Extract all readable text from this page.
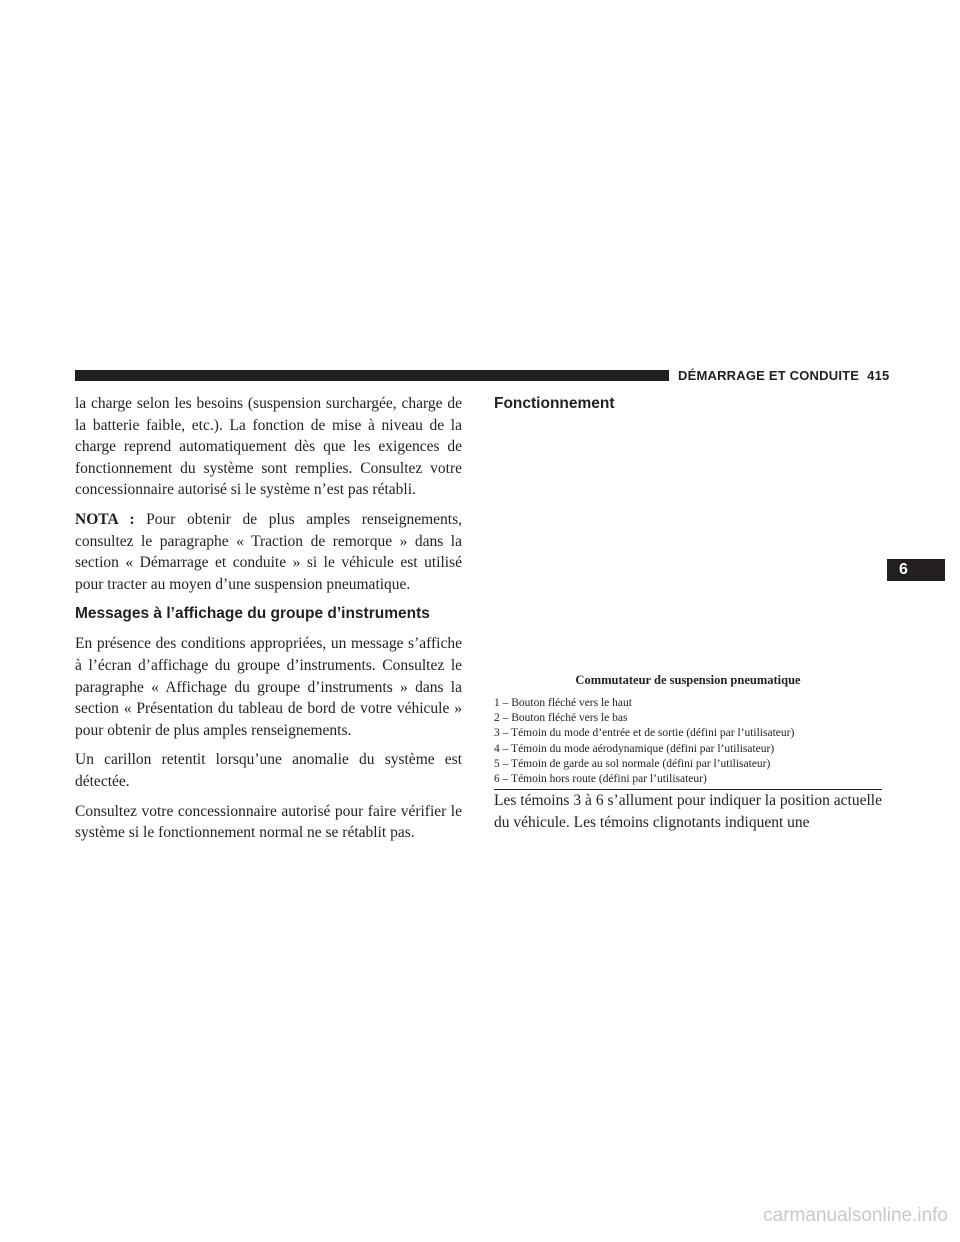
DÉMARRAGE ET CONDUITE 415

la charge selon les besoins (suspension surchargée, charge de la batterie faible, etc.). La fonction de mise à niveau de la charge reprend automatiquement dès que les exigences de fonctionnement du système sont remplies. Consultez votre concessionnaire autorisé si le système n’est pas rétabli.

NOTA : Pour obtenir de plus amples renseignements, consultez le paragraphe « Traction de remorque » dans la section « Démarrage et conduite » si le véhicule est utilisé pour tracter au moyen d’une suspension pneumatique.

Messages à l’affichage du groupe d’instruments

En présence des conditions appropriées, un message s’affiche à l’écran d’affichage du groupe d’instruments. Consultez le paragraphe « Affichage du groupe d’instruments » dans la section « Présentation du tableau de bord de votre véhicule » pour obtenir de plus amples renseignements.

Un carillon retentit lorsqu’une anomalie du système est détectée.

Consultez votre concessionnaire autorisé pour faire vérifier le système si le fonctionnement normal ne se rétablit pas.

Fonctionnement
Commutateur de suspension pneumatique
1 – Bouton fléché vers le haut
2 – Bouton fléché vers le bas
3 – Témoin du mode d’entrée et de sortie (défini par l’utilisateur)
4 – Témoin du mode aérodynamique (défini par l’utilisateur)
5 – Témoin de garde au sol normale (défini par l’utilisateur)
6 – Témoin hors route (défini par l’utilisateur)

Les témoins 3 à 6 s’allument pour indiquer la position actuelle du véhicule. Les témoins clignotants indiquent une

6
carmanualsonline.info
